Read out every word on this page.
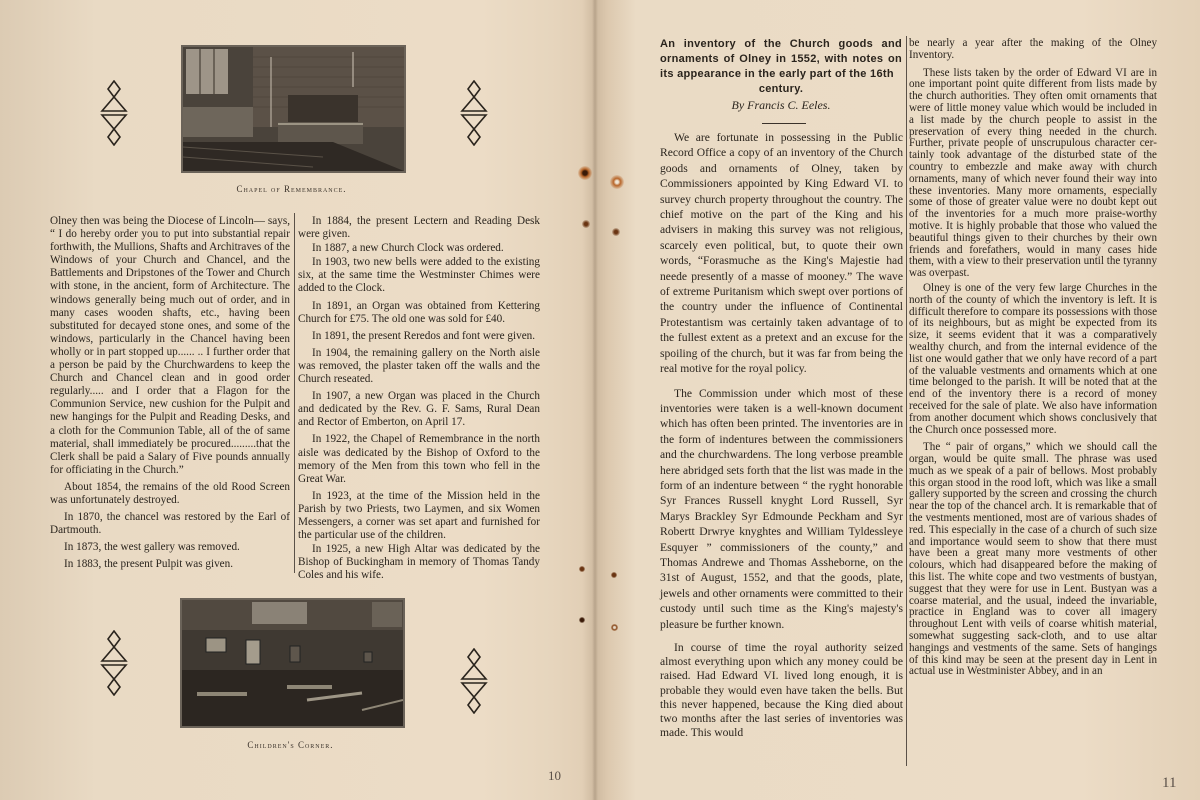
Chapel of Remembrance.

Olney then was being the Diocese of Lincoln— says, “ I do hereby order you to put into substantial repair forthwith, the Mullions, Shafts and Architraves of the Windows of your Church and Chancel, and the Battlements and Dripstones of the Tower and Church with stone, in the ancient, form of Architecture. The windows generally being much out of order, and in many cases wooden shafts, etc., having been substituted for decayed stone ones, and some of the windows, particularly in the Chancel having been wholly or in part stopped up...... .. I further order that a person be paid by the Churchwardens to keep the Church and Chancel clean and in good order regularly..... and I order that a Flagon for the Communion Service, new cushion for the Pulpit and new hangings for the Pulpit and Reading Desks, and a cloth for the Communion Table, all of the of same material, shall immediately be procured.........that the Clerk shall be paid a Salary of Five pounds annually for officiating in the Church.”

About 1854, the remains of the old Rood Screen was unfortunately destroyed.

In 1870, the chancel was restored by the Earl of Dartmouth.

In 1873, the west gallery was removed.

In 1883, the present Pulpit was given.

In 1884, the present Lectern and Reading Desk were given.

In 1887, a new Church Clock was ordered.

In 1903, two new bells were added to the existing six, at the same time the Westminster Chimes were added to the Clock.

In 1891, an Organ was obtained from Kettering Church for £75. The old one was sold for £40.

In 1891, the present Reredos and font were given.

In 1904, the remaining gallery on the North aisle was removed, the plaster taken off the walls and the Church reseated.

In 1907, a new Organ was placed in the Church and dedicated by the Rev. G. F. Sams, Rural Dean and Rector of Emberton, on April 17.

In 1922, the Chapel of Remembrance in the north aisle was dedicated by the Bishop of Oxford to the memory of the Men from this town who fell in the Great War.

In 1923, at the time of the Mission held in the Parish by two Priests, two Laymen, and six Women Messengers, a corner was set apart and furnished for the particular use of the children.

In 1925, a new High Altar was dedicated by the Bishop of Buckingham in memory of Thomas Tandy Coles and his wife.

Children's Corner.
10
An inventory of the Church goods and ornaments of Olney in 1552, with notes on its appearance in the early part of the 16th
century.
By Francis C. Eeles.

We are fortunate in possessing in the Public Record Office a copy of an inventory of the Church goods and ornaments of Olney, taken by Commissioners appointed by King Edward VI. to survey church property throughout the country. The chief motive on the part of the King and his advisers in making this survey was not religious, scarcely even political, but, to quote their own words, “Forasmuche as the King's Majestie had neede presently of a masse of mooney.” The wave of extreme Puritanism which swept over portions of the country under the influence of Continental Protestantism was certainly taken advantage of to the fullest extent as a pretext and an excuse for the spoiling of the church, but it was far from being the real motive for the royal policy.

The Commission under which most of these inventories were taken is a well-known document which has often been printed. The inventories are in the form of indentures between the commissioners and the churchwardens. The long verbose preamble here abridged sets forth that the list was made in the form of an indenture between “ the ryght honorable Syr Frances Russell knyght Lord Russell, Syr Marys Brackley Syr Edmounde Peckham and Syr Robertt Drwrye knyghtes and William Tyldessleye Esquyer ” commissioners of the county,” and Thomas Andrewe and Thomas Assheborne, on the 31st of August, 1552, and that the goods, plate, jewels and other ornaments were committed to their custody until such time as the King's majesty's pleasure be further known.

In course of time the royal authority seized almost everything upon which any money could be raised. Had Edward VI. lived long enough, it is probable they would even have taken the bells. But this never happened, because the King died about two months after the last series of inventories was made. This would

be nearly a year after the making of the Olney Inventory.

These lists taken by the order of Edward VI are in one important point quite different from lists made by the church authorities. They often omit ornaments that were of little money value which would be included in a list made by the church people to assist in the preservation of every thing needed in the church. Further, private people of unscrupulous character certainly took advantage of the disturbed state of the country to embezzle and make away with church ornaments, many of which never found their way into these inventories. Many more ornaments, especially some of those of greater value were no doubt kept out of the inventories for a much more praise-worthy motive. It is highly probable that those who valued the beautiful things given to their churches by their own friends and forefathers, would in many cases hide them, with a view to their preservation until the tyranny was overpast.

Olney is one of the very few large Churches in the north of the county of which the inventory is left. It is difficult therefore to compare its possessions with those of its neighbours, but as might be expected from its size, it seems evident that it was a comparatively wealthy church, and from the internal evidence of the list one would gather that we only have record of a part of the valuable vestments and ornaments which at one time belonged to the parish. It will be noted that at the end of the inventory there is a record of money received for the sale of plate. We also have information from another document which shows conclusively that the Church once possessed more.

The “ pair of organs,” which we should call the organ, would be quite small. The phrase was used much as we speak of a pair of bellows. Most probably this organ stood in the rood loft, which was like a small gallery supported by the screen and crossing the church near the top of the chancel arch. It is remarkable that of the vestments mentioned, most are of various shades of red. This especially in the case of a church of such size and importance would seem to show that there must have been a great many more vestments of other colours, which had disappeared before the making of this list. The white cope and two vestments of bustyan, suggest that they were for use in Lent. Bustyan was a coarse material, and the usual, indeed the invariable, practice in England was to cover all imagery throughout Lent with veils of coarse whitish material, somewhat suggesting sack-cloth, and to use altar hangings and vestments of the same. Sets of hangings of this kind may be seen at the present day in Lent in actual use in Westminister Abbey, and in an

11
